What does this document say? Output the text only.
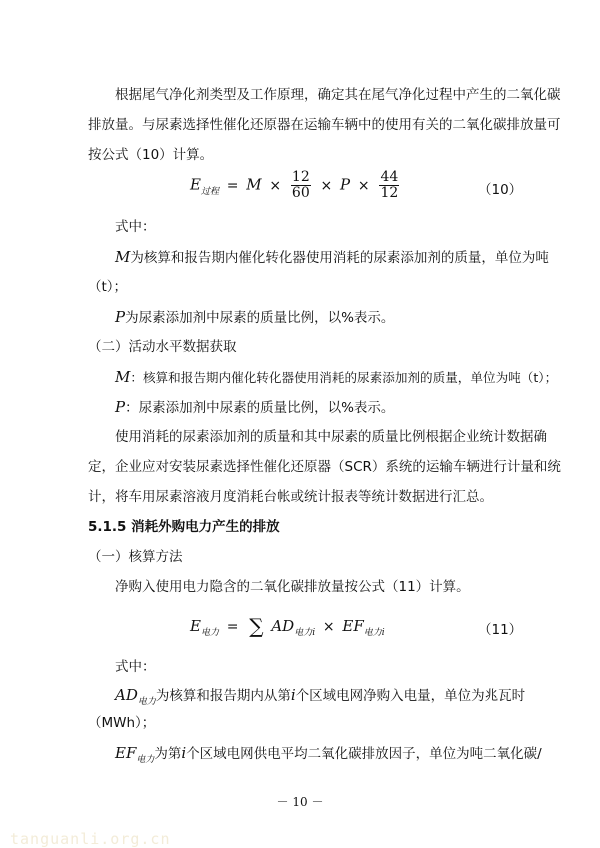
根据尾气净化剂类型及工作原理，确定其在尾气净化过程中产生的二氧化碳
排放量。与尿素选择性催化还原器在运输车辆中的使用有关的二氧化碳排放量可
按公式（10）计算。
$E_{过程} = M \times \frac{12}{60} \times P \times \frac{44}{12}$	（10）
式中：
M为核算和报告期内催化转化器使用消耗的尿素添加剂的质量，单位为吨
（t）；
P为尿素添加剂中尿素的质量比例，以%表示。
（二）活动水平数据获取
M：核算和报告期内催化转化器使用消耗的尿素添加剂的质量，单位为吨（t）；
P：尿素添加剂中尿素的质量比例，以%表示。
使用消耗的尿素添加剂的质量和其中尿素的质量比例根据企业统计数据确
定，企业应对安装尿素选择性催化还原器（SCR）系统的运输车辆进行计量和统
计，将车用尿素溶液月度消耗台帐或统计报表等统计数据进行汇总。
5.1.5 消耗外购电力产生的排放
（一）核算方法
净购入使用电力隐含的二氧化碳排放量按公式（11）计算。
$E_{电力}$ = ∑ $AD_{电力i} \times EF_{电力i}$	（11）
式中：
$AD_{电力}$为核算和报告期内从第i个区域电网净购入电量，单位为兆瓦时
（MWh）；
$EF_{电力}$为第i个区域电网供电平均二氧化碳排放因子，单位为吨二氧化碳/
－ 10 －
tanguanli.org.cn
